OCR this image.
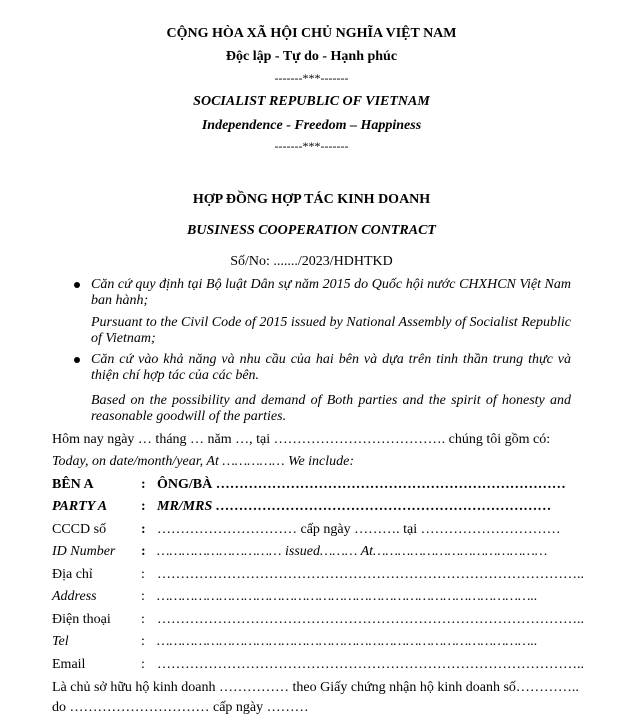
CỘNG HÒA XÃ HỘI CHỦ NGHĨA VIỆT NAM
Độc lập - Tự do - Hạnh phúc
-------***-------
SOCIALIST REPUBLIC OF VIETNAM
Independence - Freedom – Happiness
-------***-------
HỢP ĐỒNG HỢP TÁC KINH DOANH
BUSINESS COOPERATION CONTRACT
Số/No: ......./2023/HDHTKD
Căn cứ quy định tại Bộ luật Dân sự năm 2015 do Quốc hội nước CHXHCN Việt Nam ban hành;
Pursuant to the Civil Code of 2015 issued by National Assembly of Socialist Republic of Vietnam;
Căn cứ vào khả năng và nhu cầu của hai bên và dựa trên tinh thần trung thực và thiện chí hợp tác của các bên.
Based on the possibility and demand of Both parties and the spirit of honesty and reasonable goodwill of the parties.
Hôm nay ngày … tháng … năm …, tại ………………………………. chúng tôi gồm có:
Today, on date/month/year, At …………… We include:
BÊN A	: ÔNG/BÀ …………………………………………………………………
PARTY A : MR/MRS ………………………………………………………………
CCCD số : ………………………… cấp ngày ………. tại …………………………
ID Number : ………………………… issued……… At……………………………………
Địa chỉ	: ………………………………………………………………………………..
Address	: ………………………………………………………………………………..
Điện thoại : ………………………………………………………………………………..
Tel	: ………………………………………………………………………………..
Email	: ………………………………………………………………………………..
Là chủ sở hữu hộ kinh doanh …………… theo Giấy chứng nhận hộ kinh doanh số…………..
do ………………………… cấp ngày ………
